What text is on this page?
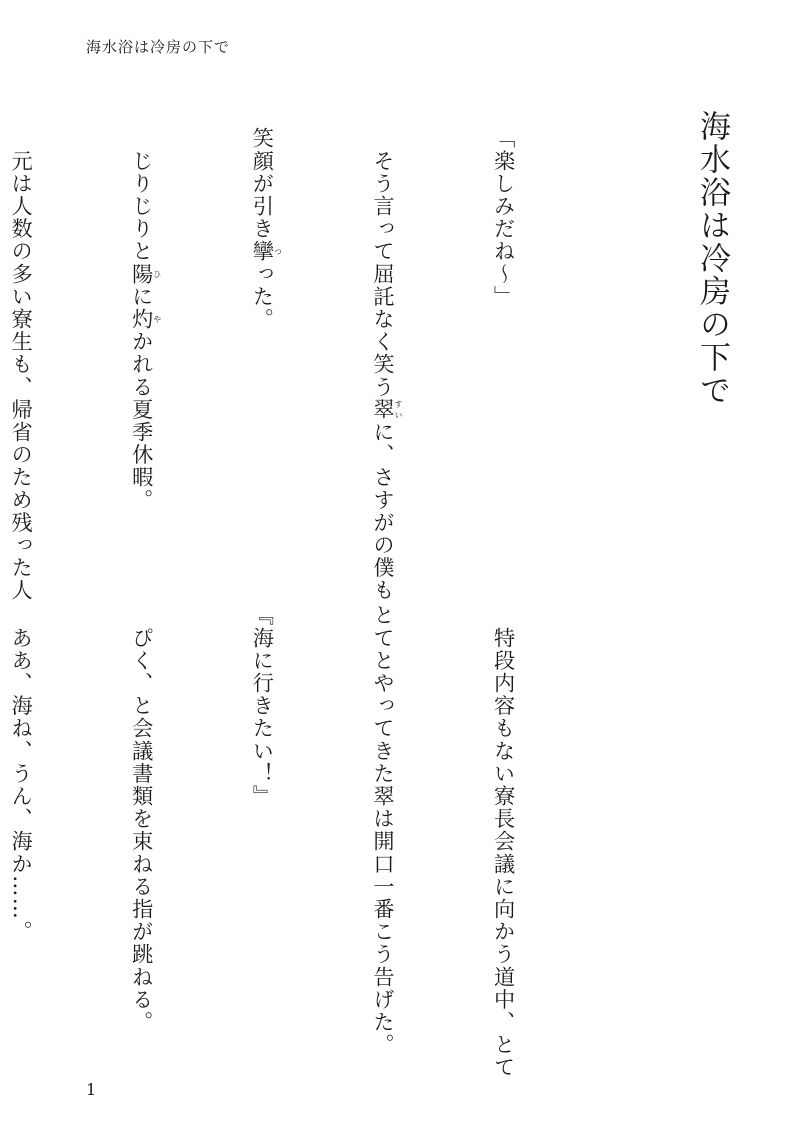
海水浴は冷房の下で
海水浴は冷房の下で

「楽しみだね～」

　そう言って屈託なく笑う翠すいに、さすがの僕も

笑顔が引き攣つった。

　じりじりと陽ひに灼やかれる夏季休暇。

　元は人数の多い寮生も、帰省のため残った人

　特段内容もない寮長会議に向かう道中、とて

とてとやってきた翠は開口一番こう告げた。

『海に行きたい！』

　ぴく、と会議書類を束ねる指が跳ねる。

　ああ、海ね、うん、海か……。

1
